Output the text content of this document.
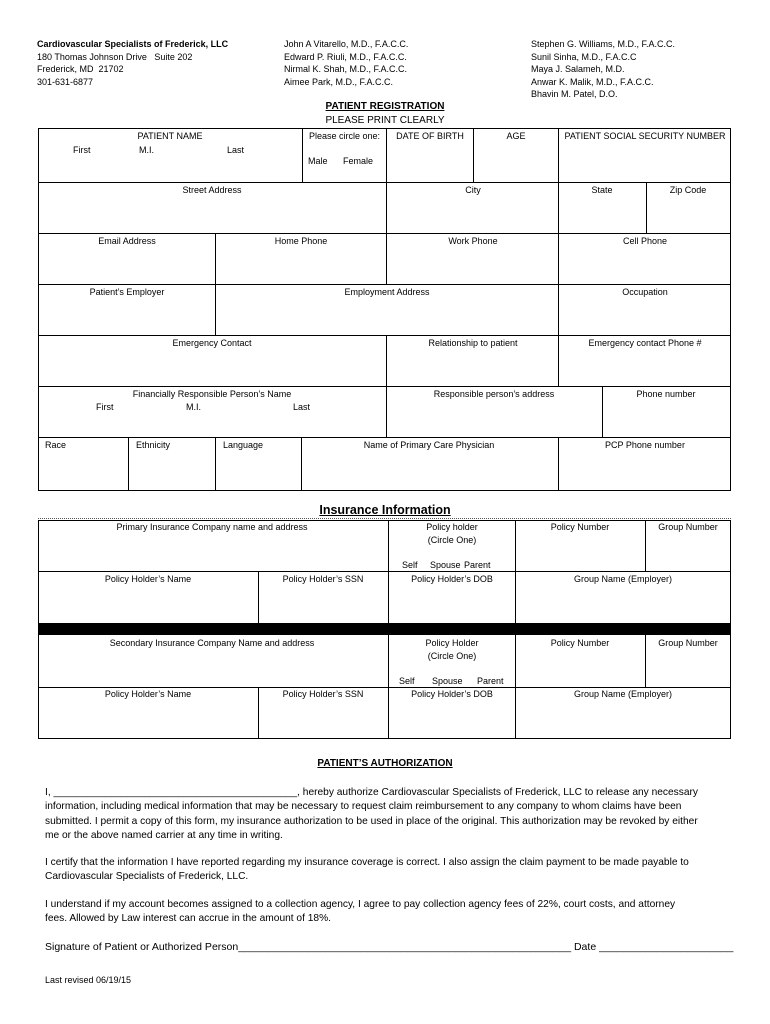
Cardiovascular Specialists of Frederick, LLC
180 Thomas Johnson Drive   Suite 202
Frederick, MD  21702
301-631-6877
John A Vitarello, M.D., F.A.C.C.
Edward P. Riuli, M.D., F.A.C.C.
Nirmal K. Shah, M.D., F.A.C.C.
Aimee Park, M.D., F.A.C.C.
Stephen G. Williams, M.D., F.A.C.C.
Sunil Sinha, M.D., F.A.C.C
Maya J. Salameh, M.D.
Anwar K. Malik, M.D., F.A.C.C.
Bhavin M. Patel, D.O.
PATIENT REGISTRATION
PLEASE PRINT CLEARLY
PATIENT NAME
First	M.I.	Last
Please circle one:
Male Female
DATE OF BIRTH	AGE	PATIENT SOCIAL SECURITY NUMBER
Street Address	City	State	Zip Code
Email Address	Home Phone	Work Phone	Cell Phone
Patient’s Employer	Employment Address	Occupation
Emergency Contact	Relationship to patient	Emergency contact Phone #
Financially Responsible Person’s Name
First	M.I.	Last
Responsible person’s address	Phone number
Race	Ethnicity	Language	Name of Primary Care Physician	PCP Phone number
Insurance Information
Primary Insurance Company name and address	Policy holder
(Circle One)
Self Spouse Parent
Policy Number	Group Number
Policy Holder’s Name	Policy Holder’s SSN	Policy Holder’s DOB	Group Name (Employer)
Secondary Insurance Company Name and address	Policy Holder
(Circle One)
Self Spouse Parent
Policy Number	Group Number
Policy Holder’s Name	Policy Holder’s SSN	Policy Holder’s DOB	Group Name (Employer)
PATIENT’S AUTHORIZATION

I, ___________________________________________, hereby authorize Cardiovascular Specialists of Frederick, LLC to release any necessary

information, including medical information that may be necessary to request claim reimbursement to any company to whom claims have been

submitted. I permit a copy of this form, my insurance authorization to be used in place of the original. This authorization may be revoked by either

me or the above named carrier at any time in writing.

I certify that the information I have reported regarding my insurance coverage is correct. I also assign the claim payment to be made payable to

Cardiovascular Specialists of Frederick, LLC.

I understand if my account becomes assigned to a collection agency, I agree to pay collection agency fees of 22%, court costs, and attorney

fees. Allowed by Law interest can accrue in the amount of 18%.

Signature of Patient or Authorized Person_________________________________________________________ Date _______________________
Last revised 06/19/15
